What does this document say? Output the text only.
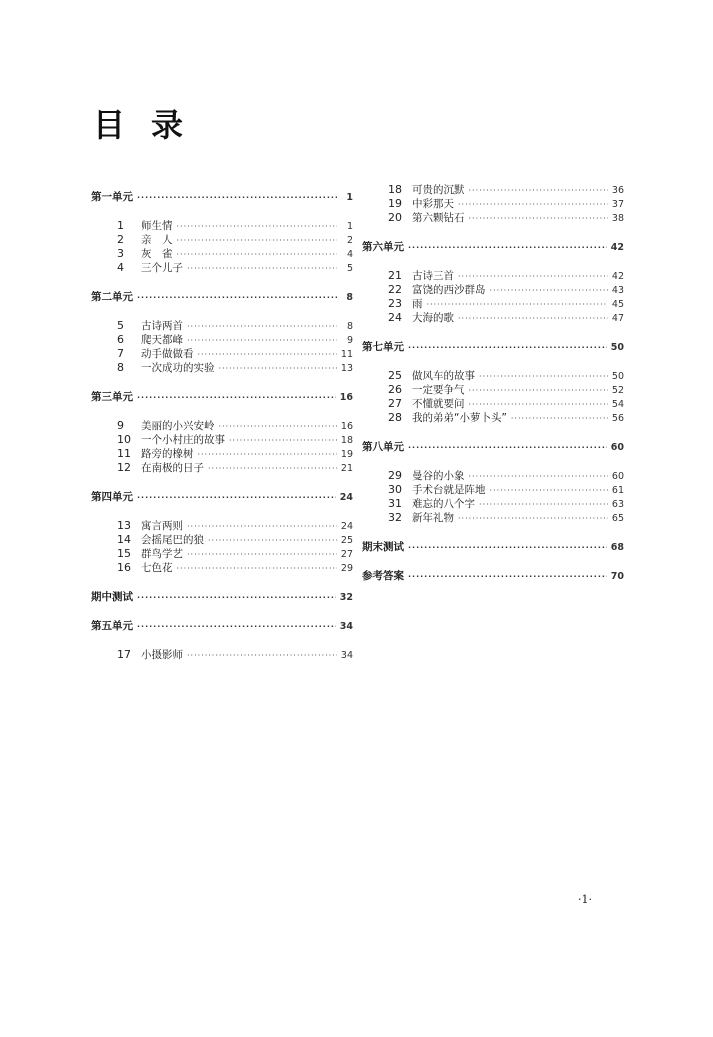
目 录
第一单元 ·····	1
1	师生情 ·····	1
2	亲　人 ·····	2
3	灰　雀 ·····	4
4	三个儿子 ·····	5
第二单元 ·····	8
5	古诗两首 ·····	8
6	爬天都峰 ·····	9
7	动手做做看 ·····	11
8	一次成功的实验 ·····	13
第三单元 ·····	16
9	美丽的小兴安岭 ·····	16
10 一个小村庄的故事 ·····	18
11 路旁的橡树 ·····	19
12 在南极的日子 ·····	21
第四单元 ·····	24
13 寓言两则 ·····	24
14 会摇尾巴的狼 ·····	25
15 群鸟学艺 ·····	27
16 七色花 ·····	29
期中测试 ·····	32
第五单元 ·····	34
17 小摄影师 ·····	34
18 可贵的沉默 ·····	36
19 中彩那天 ·····	37
20 第六颗钻石 ·····	38
第六单元 ·····	42
21 古诗三首 ·····	42
22 富饶的西沙群岛 ·····	43
23 雨 ·····	45
24 大海的歌 ·····	47
第七单元 ·····	50
25 做风车的故事 ·····	50
26 一定要争气 ·····	52
27 不懂就要问 ·····	54
28 我的弟弟“小萝卜头” ·····	56
第八单元 ·····	60
29 曼谷的小象 ·····	60
30 手术台就是阵地 ·····	61
31 难忘的八个字 ·····	63
32 新年礼物 ·····	65
期末测试 ·····	68
参考答案 ·····	70
·1·
